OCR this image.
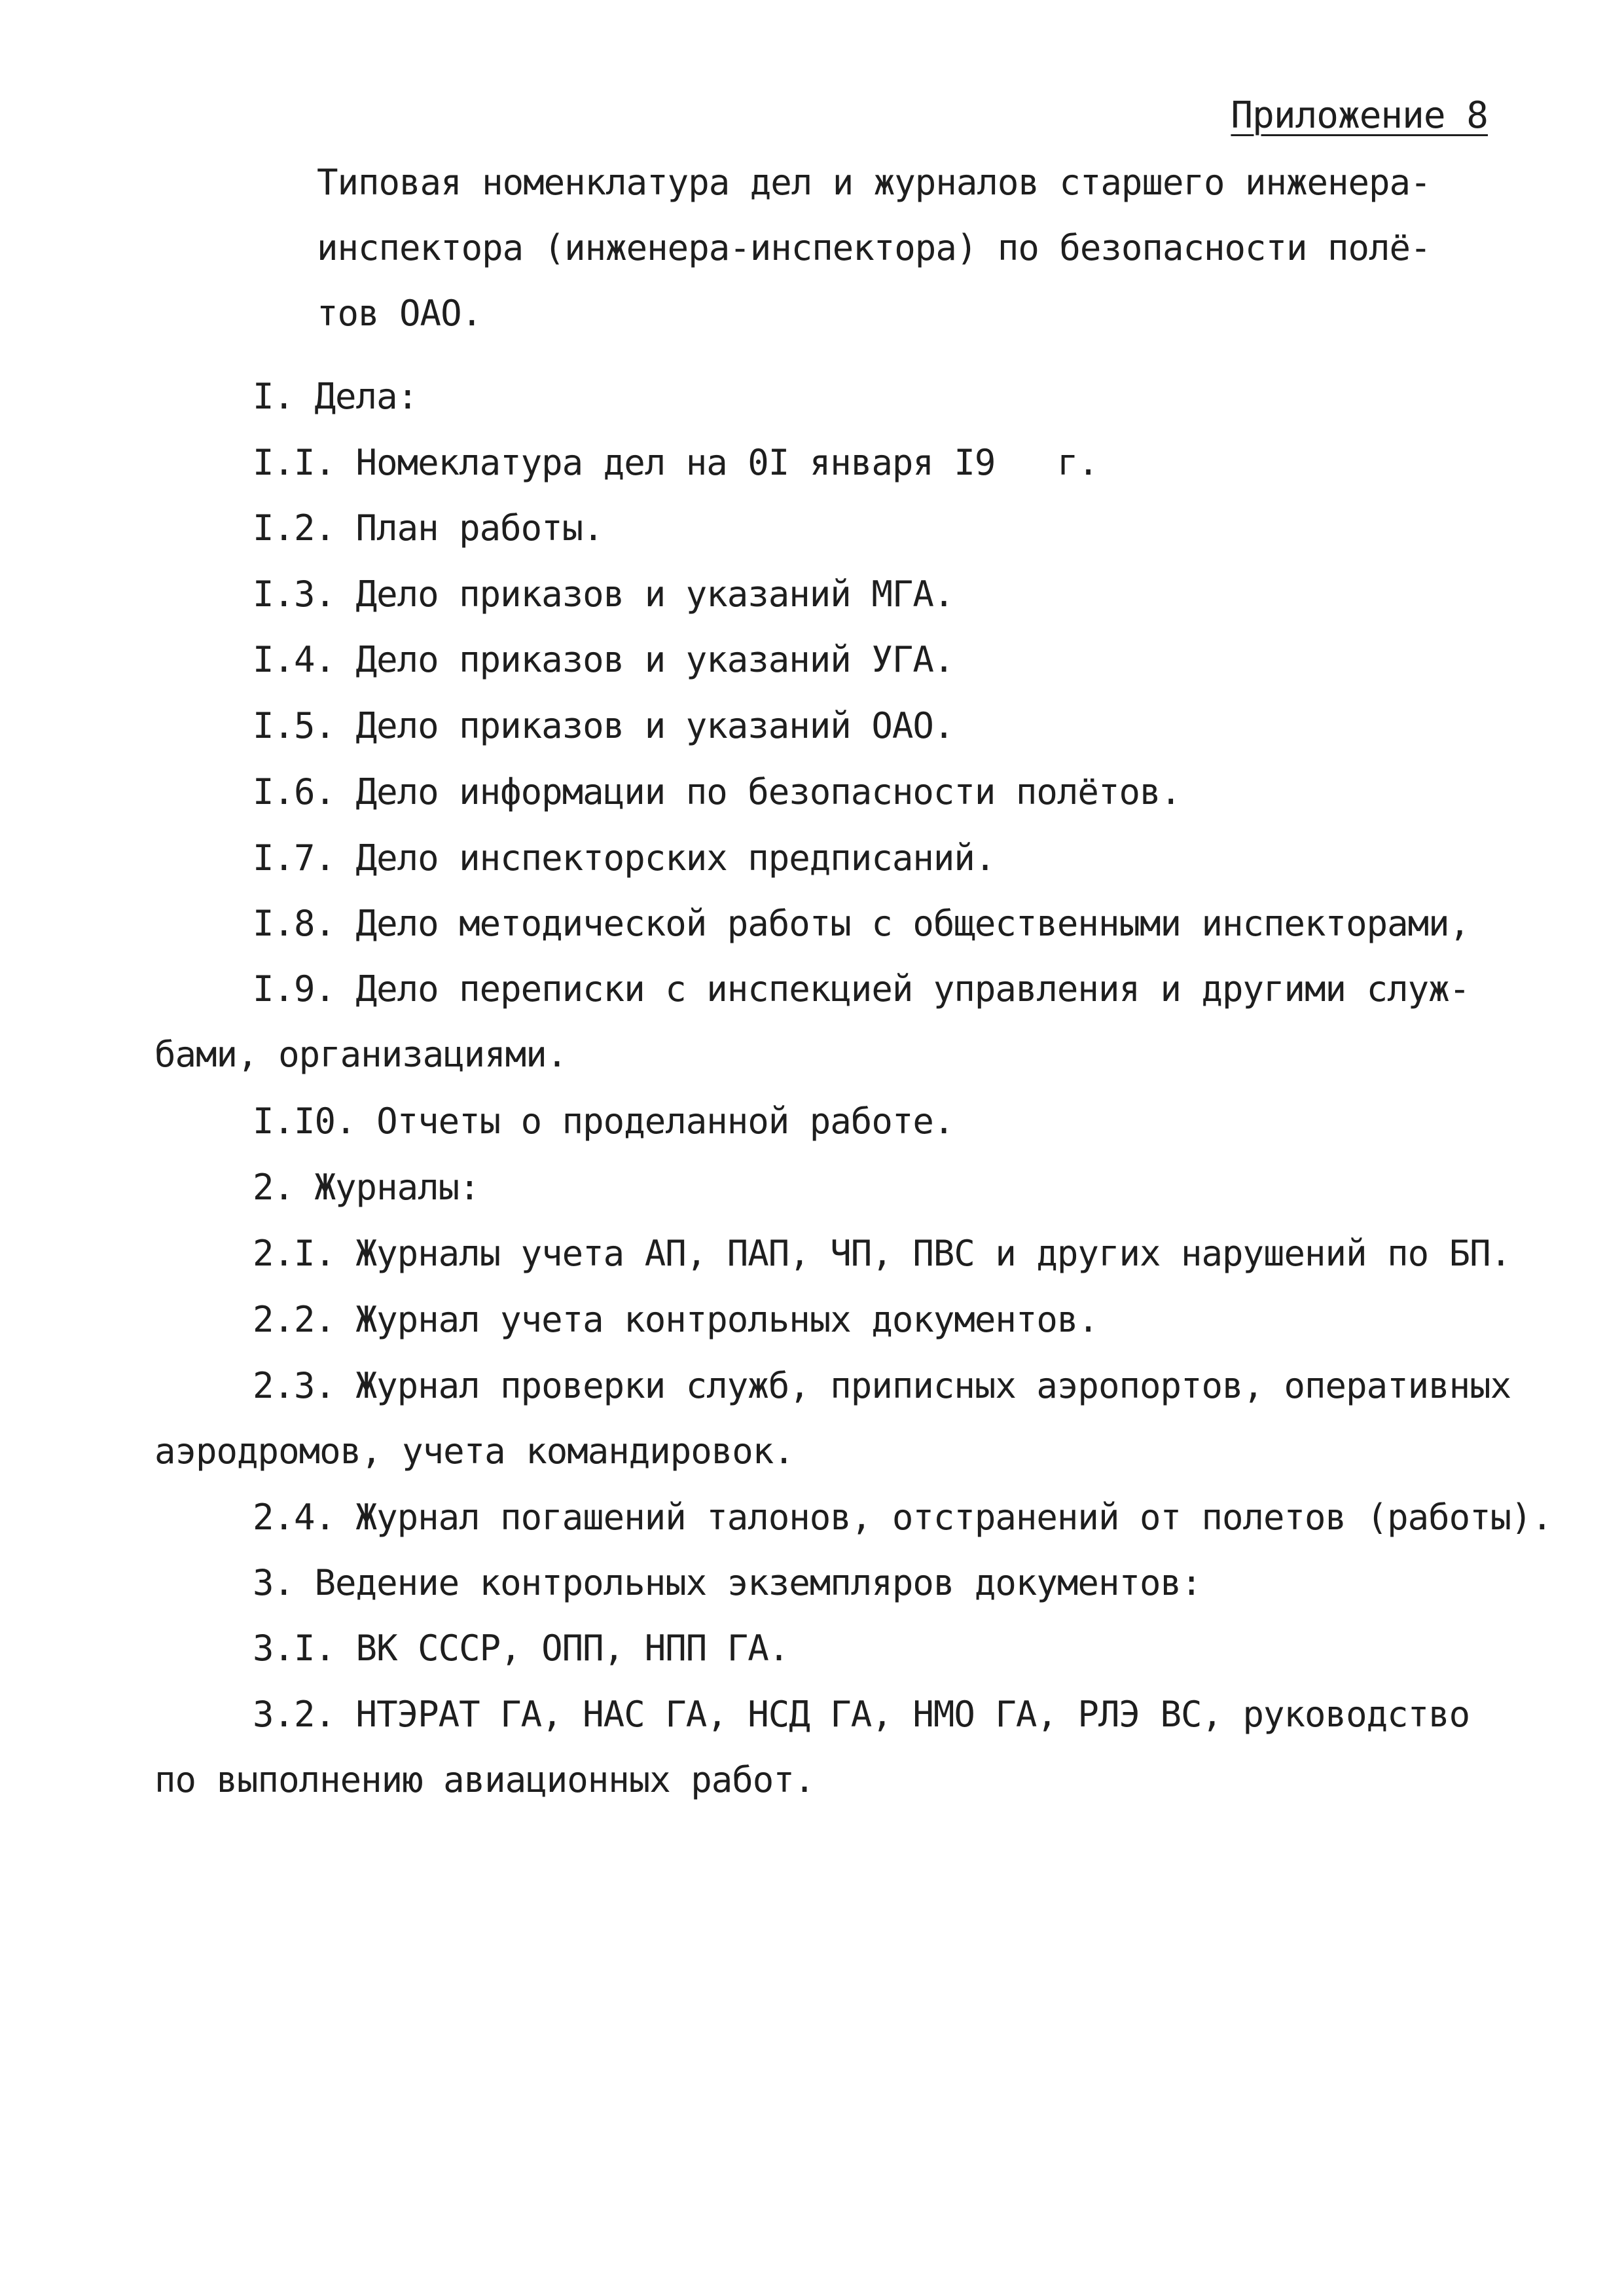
Приложение 8
Типовая номенклатура дел и журналов старшего инженера-
инспектора (инженера-инспектора) по безопасности полё-
тов ОАО.
I. Дела:
I.I. Номеклатура дел на 0I января I9   г.
I.2. План работы.
I.3. Дело приказов и указаний МГА.
I.4. Дело приказов и указаний УГА.
I.5. Дело приказов и указаний ОАО.
I.6. Дело информации по безопасности полётов.
I.7. Дело инспекторских предписаний.
I.8. Дело методической работы с общественными инспекторами,
I.9. Дело переписки с инспекцией управления и другими служ-
бами, организациями.
I.I0. Отчеты о проделанной работе.
2. Журналы:
2.I. Журналы учета АП, ПАП, ЧП, ПВС и других нарушений по БП.
2.2. Журнал учета контрольных документов.
2.3. Журнал проверки служб, приписных аэропортов, оперативных
аэродромов, учета командировок.
2.4. Журнал погашений талонов, отстранений от полетов (работы).
3. Ведение контрольных экземпляров документов:
3.I. ВК СССР, ОПП, НПП ГА.
3.2. НТЭРАТ ГА, НАС ГА, НСД ГА, НМО ГА, РЛЭ ВС, руководство
по выполнению авиационных работ.
